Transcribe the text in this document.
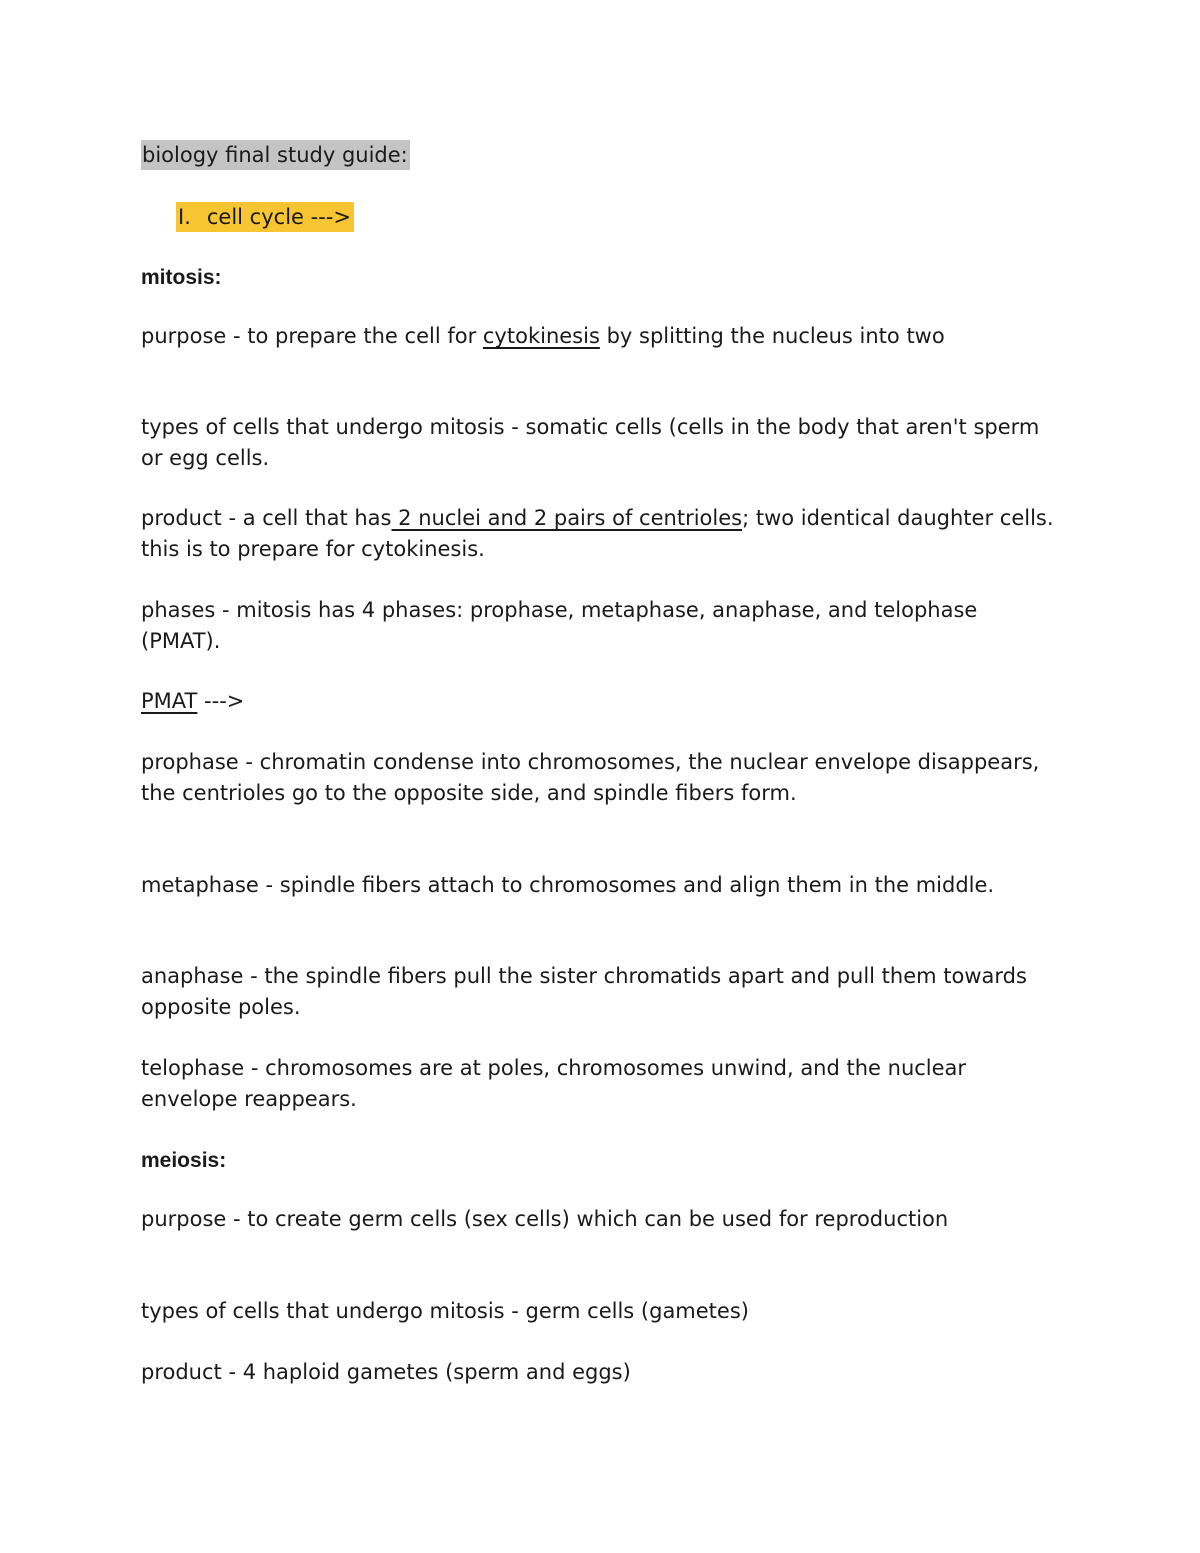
biology final study guide:
I. cell cycle --->
mitosis:

purpose - to prepare the cell for cytokinesis by splitting the nucleus into two

types of cells that undergo mitosis - somatic cells (cells in the body that aren't sperm or egg cells.

product - a cell that has 2 nuclei and 2 pairs of centrioles; two identical daughter cells. this is to prepare for cytokinesis.

phases - mitosis has 4 phases: prophase, metaphase, anaphase, and telophase (PMAT).

PMAT --->

prophase - chromatin condense into chromosomes, the nuclear envelope disappears, the centrioles go to the opposite side, and spindle fibers form.

metaphase - spindle fibers attach to chromosomes and align them in the middle.

anaphase - the spindle fibers pull the sister chromatids apart and pull them towards opposite poles.

telophase - chromosomes are at poles, chromosomes unwind, and the nuclear envelope reappears.

meiosis:

purpose - to create germ cells (sex cells) which can be used for reproduction

types of cells that undergo mitosis - germ cells (gametes)

product - 4 haploid gametes (sperm and eggs)
